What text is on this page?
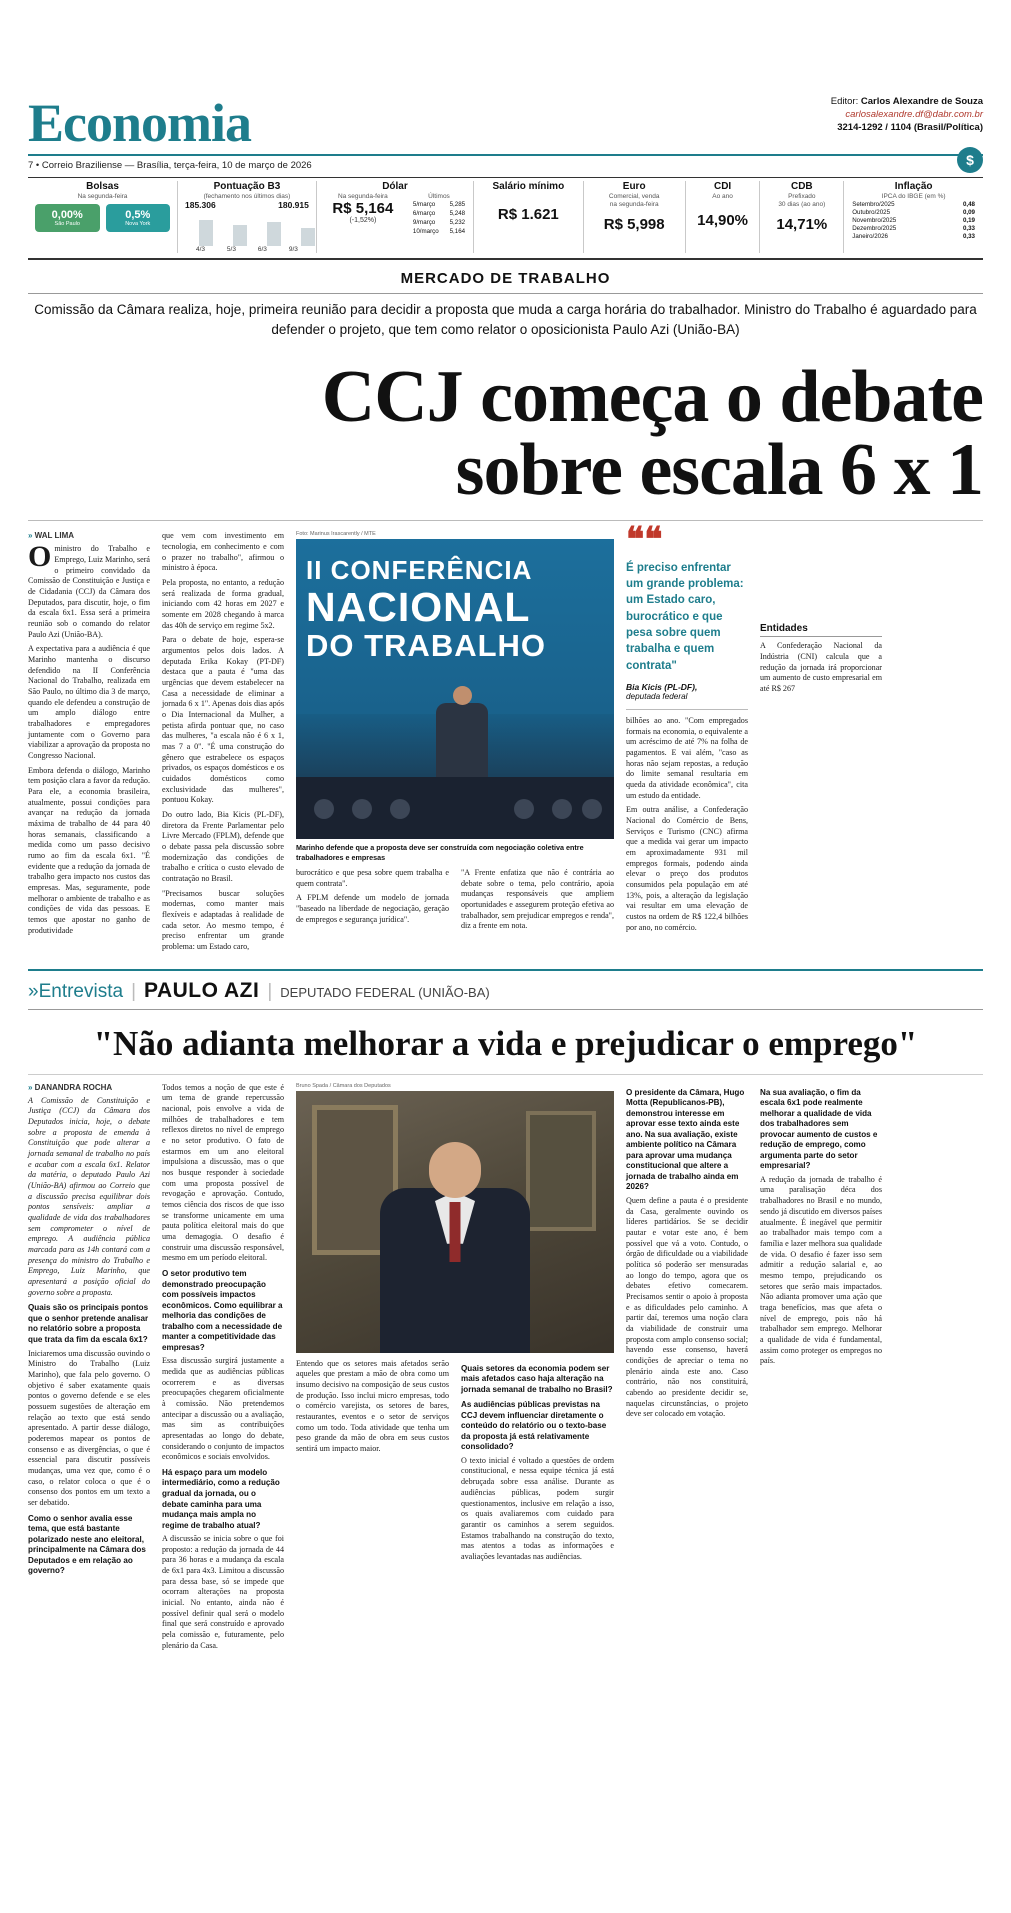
Economia	Editor: Carlos Alexandre de Souza
carlosalexandre.df@dabr.com.br
3214-1292 / 1104 (Brasil/Política)
7 • Correio Braziliense — Brasília, terça-feira, 10 de março de 2026	$
Bolsas
Na segunda-feira
0,00%
São Paulo
0,5%
Nova York
Pontuação B3
(fechamento nos últimos dias)
185.306	180.915
4/3	5/3	6/3	9/3
Dólar
Na segunda-feira
R$ 5,164
(-1,52%)
Últimos
5/março	5,285
6/março	5,248
9/março	5,232
10/março	5,164
Salário mínimo
R$ 1.621
Euro
Comercial, venda
na segunda-feira
R$ 5,998
CDI
Ao ano
14,90%
CDB
Prefixado
30 dias (ao ano)
14,71%
Inflação
IPCA do IBGE (em %)
Setembro/2025	0,48
Outubro/2025	0,09
Novembro/2025	0,19
Dezembro/2025	0,33
Janeiro/2026	0,33
MERCADO DE TRABALHO
Comissão da Câmara realiza, hoje, primeira reunião para decidir a proposta que muda a carga horária do trabalhador. Ministro do Trabalho é aguardado para defender o projeto, que tem como relator o oposicionista Paulo Azi (União-BA)
CCJ começa o debate
sobre escala 6 x 1
» WAL LIMA

Oministro do Trabalho e Emprego, Luiz Marinho, será o primeiro convidado da Comissão de Constituição e Justiça e de Cidadania (CCJ) da Câmara dos Deputados, para discutir, hoje, o fim da escala 6x1. Essa será a primeira reunião sob o comando do relator Paulo Azi (União-BA).

A expectativa para a audiência é que Marinho mantenha o discurso defendido na II Conferência Nacional do Trabalho, realizada em São Paulo, no último dia 3 de março, quando ele defendeu a construção de um amplo diálogo entre trabalhadores e empregadores juntamente com o Governo para viabilizar a aprovação da proposta no Congresso Nacional.

Embora defenda o diálogo, Marinho tem posição clara a favor da redução. Para ele, a economia brasileira, atualmente, possui condições para avançar na redução da jornada máxima de trabalho de 44 para 40 horas semanais, classificando a medida como um passo decisivo rumo ao fim da escala 6x1. "É evidente que a redução da jornada de trabalho gera impacto nos custos das empresas. Mas, seguramente, pode melhorar o ambiente de trabalho e as condições de vida das pessoas. E temos que apostar no ganho de produtividade

que vem com investimento em tecnologia, em conhecimento e com o prazer no trabalho", afirmou o ministro à época.

Pela proposta, no entanto, a redução será realizada de forma gradual, iniciando com 42 horas em 2027 e somente em 2028 chegando à marca das 40h de serviço em regime 5x2.

Para o debate de hoje, espera-se argumentos pelos dois lados. A deputada Erika Kokay (PT-DF) destaca que a pauta é "uma das urgências que devem estabelecer na Casa a necessidade de eliminar a jornada 6 x 1". Apenas dois dias após o Dia Internacional da Mulher, a petista afirda pontuar que, no caso das mulheres, "a escala não é 6 x 1, mas 7 a 0". "É uma construção do gênero que estrabelece os espaços privados, os espaços domésticos e os cuidados domésticos como exclusividade das mulheres", pontuou Kokay.

Do outro lado, Bia Kicis (PL-DF), diretora da Frente Parlamentar pelo Livre Mercado (FPLM), defende que o debate passa pela discussão sobre modernização das condições de trabalho e crítica o custo elevado de contratação no Brasil.

"Precisamos buscar soluções modernas, como manter mais flexíveis e adaptadas à realidade de cada setor. Ao mesmo tempo, é preciso enfrentar um grande problema: um Estado caro,

Foto: Marinus Irascarently / MTE
II CONFERÊNCIA
NACIONAL
DO TRABALHO
Marinho defende que a proposta deve ser construída com negociação coletiva entre trabalhadores e empresas

burocrático e que pesa sobre quem trabalha e quem contrata".

A FPLM defende um modelo de jornada "baseado na liberdade de negociação, geração de empregos e segurança jurídica".

"A Frente enfatiza que não é contrária ao debate sobre o tema, pelo contrário, apoia mudanças responsáveis que ampliem oportunidades e assegurem proteção efetiva ao trabalhador, sem prejudicar empregos e renda", diz a frente em nota.

❝❝
É preciso enfrentar um grande problema: um Estado caro, burocrático e que pesa sobre quem trabalha e quem contrata"
Bia Kicis (PL-DF),
deputada federal

bilhões ao ano. "Com empregados formais na economia, o equivalente a um acréscimo de até 7% na folha de pagamentos. E vai além, "caso as horas não sejam repostas, a redução do limite semanal resultaria em queda da atividade econômica", cita um estudo da entidade.

Em outra análise, a Confederação Nacional do Comércio de Bens, Serviços e Turismo (CNC) afirma que a medida vai gerar um impacto em aproximadamente 931 mil empregos formais, podendo ainda elevar o preço dos produtos consumidos pela população em até 13%, pois, a alteração da legislação vai resultar em uma elevação de custos na ordem de R$ 122,4 bilhões por ano, no comércio.

Entidades

A Confederação Nacional da Indústria (CNI) calcula que a redução da jornada irá proporcionar um aumento de custo empresarial em até R$ 267

»Entrevista | PAULO AZI | DEPUTADO FEDERAL (UNIÃO-BA)
"Não adianta melhorar a vida e prejudicar o emprego"
» DANANDRA ROCHA

A Comissão de Constituição e Justiça (CCJ) da Câmara dos Deputados inicia, hoje, o debate sobre a proposta de emenda à Constituição que pode alterar a jornada semanal de trabalho no país e acabar com a escala 6x1. Relator da matéria, o deputado Paulo Azi (União-BA) afirmou ao Correio que a discussão precisa equilibrar dois pontos sensíveis: ampliar a qualidade de vida dos trabalhadores sem comprometer o nível de emprego. A audiência pública marcada para as 14h contará com a presença do ministro do Trabalho e Emprego, Luiz Marinho, que apresentará a posição oficial do governo sobre a proposta.

Quais são os principais pontos que o senhor pretende analisar no relatório sobre a proposta que trata da fim da escala 6x1?

Iniciaremos uma discussão ouvindo o Ministro do Trabalho (Luiz Marinho), que fala pelo governo. O objetivo é saber exatamente quais pontos o governo defende e se eles possuem sugestões de alteração em relação ao texto que está sendo apresentado. A partir desse diálogo, poderemos mapear os pontos de consenso e as divergências, o que é essencial para discutir possíveis mudanças, uma vez que, como é o caso, o relator coloca o que é o consenso dos pontos em um texto a ser debatido.

Como o senhor avalia esse tema, que está bastante polarizado neste ano eleitoral, principalmente na Câmara dos Deputados e em relação ao governo?

Todos temos a noção de que este é um tema de grande repercussão nacional, pois envolve a vida de milhões de trabalhadores e tem reflexos diretos no nível de emprego e no setor produtivo. O fato de estarmos em um ano eleitoral impulsiona a discussão, mas o que nos busque responder à sociedade com uma proposta possível de revogação e aprovação. Contudo, temos ciência dos riscos de que isso se transforme unicamente em uma pauta política eleitoral mais do que uma demagogia. O desafio é construir uma discussão responsável, mesmo em um período eleitoral.

O setor produtivo tem demonstrado preocupação com possíveis impactos econômicos. Como equilibrar a melhoria das condições de trabalho com a necessidade de manter a competitividade das empresas?

Essa discussão surgirá justamente a medida que as audiências públicas ocorrerem e as diversas preocupações chegarem oficialmente à comissão. Não pretendemos antecipar a discussão ou a avaliação, mas sim as contribuições apresentadas ao longo do debate, considerando o conjunto de impactos econômicos e sociais envolvidos.

Há espaço para um modelo intermediário, como a redução gradual da jornada, ou o debate caminha para uma mudança mais ampla no regime de trabalho atual?

A discussão se inicia sobre o que foi proposto: a redução da jornada de 44 para 36 horas e a mudança da escala de 6x1 para 4x3. Limitou a discussão para dessa base, só se impede que ocorram alterações na proposta inicial. No entanto, ainda não é possível definir qual será o modelo final que será construído e aprovado pela comissão e, futuramente, pelo plenário da Casa.

Bruno Spada / Câmara dos Deputados

Entendo que os setores mais afetados serão aqueles que prestam a mão de obra como um insumo decisivo na composição de seus custos de produção. Isso inclui micro empresas, todo o comércio varejista, os setores de bares, restaurantes, eventos e o setor de serviços como um todo. Toda atividade que tenha um peso grande da mão de obra em seus custos sentirá um impacto maior.

Quais setores da economia podem ser mais afetados caso haja alteração na jornada semanal de trabalho no Brasil?
As audiências públicas previstas na CCJ devem influenciar diretamente o conteúdo do relatório ou o texto-base da proposta já está relativamente consolidado?

O texto inicial é voltado a questões de ordem constitucional, e nessa equipe técnica já está debruçada sobre essa análise. Durante as audiências públicas, podem surgir questionamentos, inclusive em relação a isso, os quais avaliaremos com cuidado para garantir os caminhos a serem seguidos. Estamos trabalhando na construção do texto, mas atentos a todas as informações e avaliações levantadas nas audiências.

O presidente da Câmara, Hugo Motta (Republicanos-PB), demonstrou interesse em aprovar esse texto ainda este ano. Na sua avaliação, existe ambiente político na Câmara para aprovar uma mudança constitucional que altere a jornada de trabalho ainda em 2026?

Quem define a pauta é o presidente da Casa, geralmente ouvindo os líderes partidários. Se se decidir pautar e votar este ano, é bem possível que vá a voto. Contudo, o órgão de dificuldade ou a viabilidade política só poderão ser mensuradas ao longo do tempo, agora que os debates efetivo comecarem. Precisamos sentir o apoio à proposta e as dificuldades pelo caminho. A partir daí, teremos uma noção clara da viabilidade de construir uma proposta com amplo consenso social; havendo esse consenso, haverá condições de apreciar o tema no plenário ainda este ano. Caso contrário, não nos constituirá, cabendo ao presidente decidir se, naquelas circunstâncias, o projeto deve ser colocado em votação.

Na sua avaliação, o fim da escala 6x1 pode realmente melhorar a qualidade de vida dos trabalhadores sem provocar aumento de custos e redução de emprego, como argumenta parte do setor empresarial?

A redução da jornada de trabalho é uma paralisação déca dos trabalhadores no Brasil e no mundo, sendo já discutido em diversos países atualmente. É inegável que permitir ao trabalhador mais tempo com a família e lazer melhora sua qualidade de vida. O desafio é fazer isso sem admitir a redução salarial e, ao mesmo tempo, prejudicando os setores que serão mais impactados. Não adianta promover uma ação que traga benefícios, mas que afeta o nível de emprego, pois não há trabalhador sem emprego. Melhorar a qualidade de vida é fundamental, assim como proteger os empregos no país.
